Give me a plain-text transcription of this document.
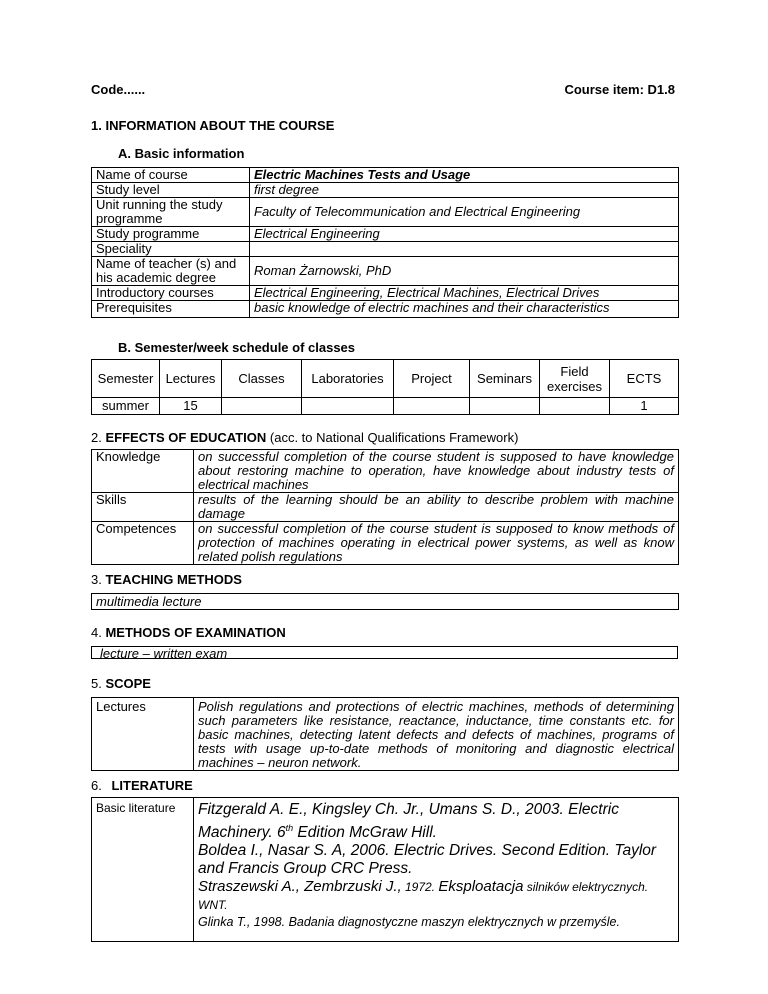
Code......	Course item: D1.8
1. INFORMATION ABOUT THE COURSE
A. Basic information
Name of course	Electric Machines Tests and Usage
Study level	first degree
Unit running the study programme	Faculty of Telecommunication and Electrical Engineering
Study programme	Electrical Engineering
Speciality	
Name of teacher (s) and his academic degree	Roman Żarnowski, PhD
Introductory courses	Electrical Engineering, Electrical Machines, Electrical Drives
Prerequisites	basic knowledge of electric machines and their characteristics
B. Semester/week schedule of classes
Semester	Lectures	Classes	Laboratories	Project	Seminars	Field exercises	ECTS
summer	15						1
2. EFFECTS OF EDUCATION (acc. to National Qualifications Framework)
Knowledge	on successful completion of the course student is supposed to have knowledge about restoring machine to operation, have knowledge about industry tests of electrical machines
Skills	results of the learning should be an ability to describe problem with machine damage
Competences	on successful completion of the course student is supposed to know methods of protection of machines operating in electrical power systems, as well as know related polish regulations
3. TEACHING METHODS
multimedia lecture
4. METHODS OF EXAMINATION
lecture – written exam
5. SCOPE
Lectures	Polish regulations and protections of electric machines, methods of determining such parameters like resistance, reactance, inductance, time constants etc. for basic machines, detecting latent defects and defects of machines, programs of tests with usage up-to-date methods of monitoring and diagnostic electrical machines – neuron network.
6. LITERATURE
Basic literature	Fitzgerald A. E., Kingsley Ch. Jr., Umans S. D., 2003. Electric Machinery. 6th Edition McGraw Hill.
Boldea I., Nasar S. A, 2006. Electric Drives. Second Edition. Taylor and Francis Group CRC Press.
Straszewski A., Zembrzuski J., 1972. Eksploatacja silników elektrycznych. WNT.
Glinka T., 1998. Badania diagnostyczne maszyn elektrycznych w przemyśle.
